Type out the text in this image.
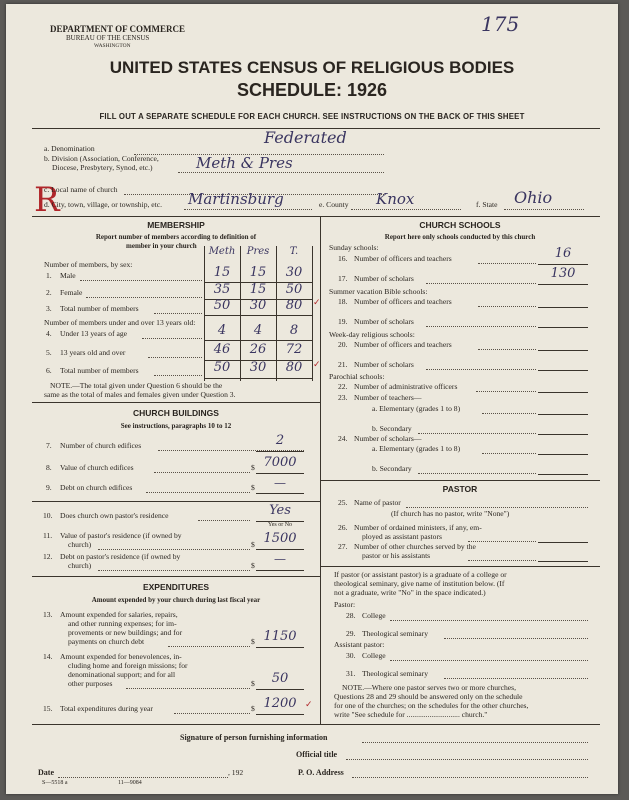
175
DEPARTMENT OF COMMERCE
BUREAU OF THE CENSUS
WASHINGTON
UNITED STATES CENSUS OF RELIGIOUS BODIES
SCHEDULE: 1926
FILL OUT A SEPARATE SCHEDULE FOR EACH CHURCH. SEE INSTRUCTIONS ON THE BACK OF THIS SHEET
R
a. Denomination
Federated
b. Division (Association, Conference,
Diocese, Presbytery, Synod, etc.)	Meth & Pres
c. Local name of church
d. City, town, village, or township, etc. Martinsburg	e. County Knox	f. State Ohio
MEMBERSHIP
Report number of members according to definition of
member in your church	Meth	Pres	T.
Number of members, by sex:
1. Male	15	15	30
2. Female	35	15	50
3. Total number of members	50	30	80	✓
Number of members under and over 13 years old:
4. Under 13 years of age	4	4	8
5. 13 years old and over	46	26	72
6. Total number of members	50	30	80	✓
NOTE.—The total given under Question 6 should be the
same as the total of males and females given under Question 3.
CHURCH BUILDINGS
See instructions, paragraphs 10 to 12
7. Number of church edifices	2
8. Value of church edifices	$ 7000
9. Debt on church edifices	$	—
10. Does church own pastor's residence	Yes
Yes or No
11. Value of pastor's residence (if owned by
church)	$ 1500
12. Debt on pastor's residence (if owned by
church)	$	—
EXPENDITURES
Amount expended by your church during last fiscal year
13. Amount expended for salaries, repairs,
and other running expenses; for im-
provements or new buildings; and for
payments on church debt	$ 1150
14. Amount expended for benevolences, in-
cluding home and foreign missions; for
denominational support; and for all
other purposes	$	50
15. Total expenditures during year	$ 1200 ✓
CHURCH SCHOOLS
Report here only schools conducted by this church
Sunday schools:
16. Number of officers and teachers	16
17. Number of scholars	130
Summer vacation Bible schools:
18. Number of officers and teachers
19. Number of scholars
Week-day religious schools:
20. Number of officers and teachers
21. Number of scholars
Parochial schools:
22. Number of administrative officers
23. Number of teachers—
a. Elementary (grades 1 to 8)
b. Secondary
24. Number of scholars—
a. Elementary (grades 1 to 8)
b. Secondary
PASTOR
25. Name of pastor
(If church has no pastor, write "None")
26. Number of ordained ministers, if any, em-
ployed as assistant pastors
27. Number of other churches served by the
pastor or his assistants
If pastor (or assistant pastor) is a graduate of a college or
theological seminary, give name of institution below. (If
not a graduate, write "No" in the space indicated.)
Pastor:
28. College
29. Theological seminary
Assistant pastor:
30. College
31. Theological seminary
NOTE.—Where one pastor serves two or more churches,
Questions 28 and 29 should be answered only on the schedule
for one of the churches; on the schedules for the other churches,
write "See schedule for ............................ church."
Signature of person furnishing information
Official title
Date	, 192	P. O. Address
S—5518 a	11—9084
